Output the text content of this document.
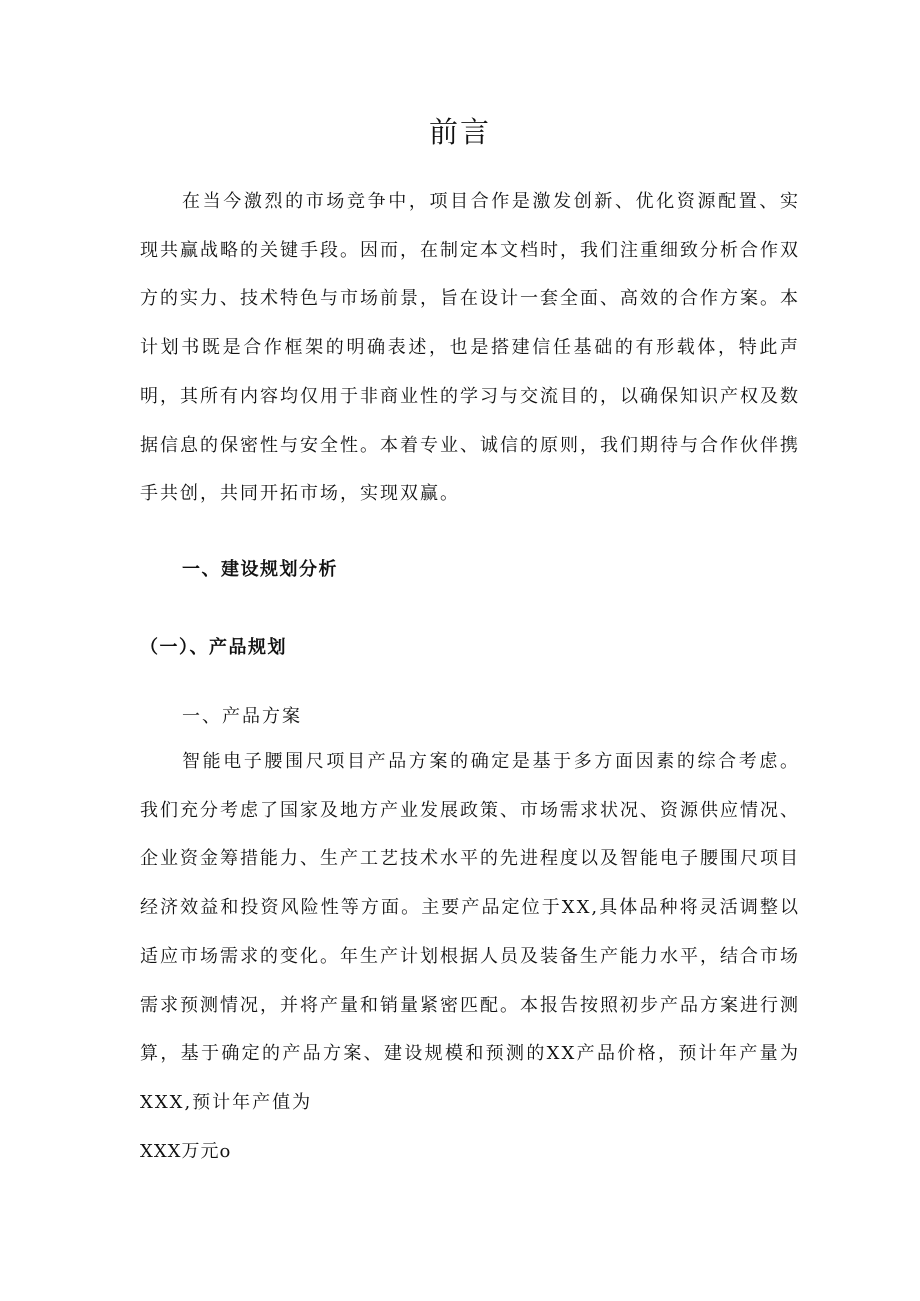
前言

在当今激烈的市场竞争中，项目合作是激发创新、优化资源配置、实现共赢战略的关键手段。因而，在制定本文档时，我们注重细致分析合作双方的实力、技术特色与市场前景，旨在设计一套全面、高效的合作方案。本计划书既是合作框架的明确表述，也是搭建信任基础的有形载体，特此声明，其所有内容均仅用于非商业性的学习与交流目的，以确保知识产权及数据信息的保密性与安全性。本着专业、诚信的原则，我们期待与合作伙伴携手共创，共同开拓市场，实现双赢。

一、建设规划分析
（一）、产品规划
一、产品方案

智能电子腰围尺项目产品方案的确定是基于多方面因素的综合考虑。我们充分考虑了国家及地方产业发展政策、市场需求状况、资源供应情况、企业资金筹措能力、生产工艺技术水平的先进程度以及智能电子腰围尺项目经济效益和投资风险性等方面。主要产品定位于XX,具体品种将灵活调整以适应市场需求的变化。年生产计划根据人员及装备生产能力水平，结合市场需求预测情况，并将产量和销量紧密匹配。本报告按照初步产品方案进行测算，基于确定的产品方案、建设规模和预测的XX产品价格，预计年产量为XXX,预计年产值为

XXX万元o
